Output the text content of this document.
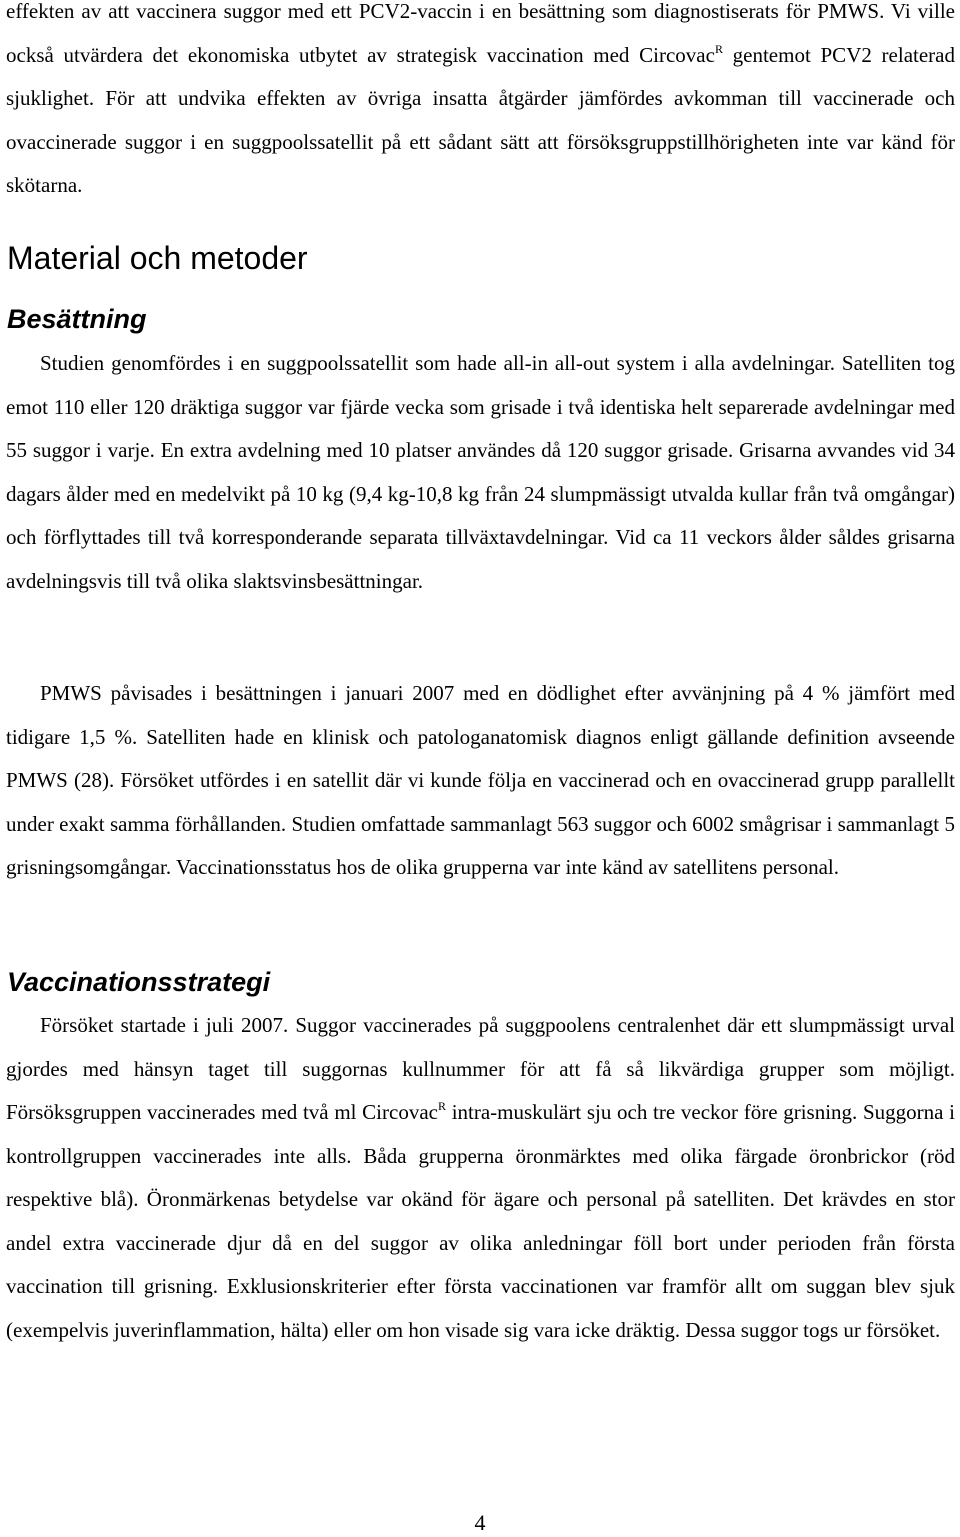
effekten av att vaccinera suggor med ett PCV2-vaccin i en besättning som diagnostiserats för PMWS. Vi ville också utvärdera det ekonomiska utbytet av strategisk vaccination med Circovac$^R$ gentemot PCV2 relaterad sjuklighet. För att undvika effekten av övriga insatta åtgärder jämfördes avkomman till vaccinerade och ovaccinerade suggor i en suggpoolssatellit på ett sådant sätt att försöksgruppstillhörigheten inte var känd för skötarna.

Material och metoder
Besättning

Studien genomfördes i en suggpoolssatellit som hade all-in all-out system i alla avdelningar. Satelliten tog emot 110 eller 120 dräktiga suggor var fjärde vecka som grisade i två identiska helt separerade avdelningar med 55 suggor i varje. En extra avdelning med 10 platser användes då 120 suggor grisade. Grisarna avvandes vid 34 dagars ålder med en medelvikt på 10 kg (9,4 kg-10,8 kg från 24 slumpmässigt utvalda kullar från två omgångar) och förflyttades till två korresponderande separata tillväxtavdelningar. Vid ca 11 veckors ålder såldes grisarna avdelningsvis till två olika slaktsvinsbesättningar.

PMWS påvisades i besättningen i januari 2007 med en dödlighet efter avvänjning på 4 % jämfört med tidigare 1,5 %. Satelliten hade en klinisk och patologanatomisk diagnos enligt gällande definition avseende PMWS (28). Försöket utfördes i en satellit där vi kunde följa en vaccinerad och en ovaccinerad grupp parallellt under exakt samma förhållanden. Studien omfattade sammanlagt 563 suggor och 6002 smågrisar i sammanlagt 5 grisningsomgångar. Vaccinationsstatus hos de olika grupperna var inte känd av satellitens personal.

Vaccinationsstrategi

Försöket startade i juli 2007. Suggor vaccinerades på suggpoolens centralenhet där ett slumpmässigt urval gjordes med hänsyn taget till suggornas kullnummer för att få så likvärdiga grupper som möjligt. Försöksgruppen vaccinerades med två ml Circovac$^R$ intra-muskulärt sju och tre veckor före grisning. Suggorna i kontrollgruppen vaccinerades inte alls. Båda grupperna öronmärktes med olika färgade öronbrickor (röd respektive blå). Öronmärkenas betydelse var okänd för ägare och personal på satelliten. Det krävdes en stor andel extra vaccinerade djur då en del suggor av olika anledningar föll bort under perioden från första vaccination till grisning. Exklusionskriterier efter första vaccinationen var framför allt om suggan blev sjuk (exempelvis juverinflammation, hälta) eller om hon visade sig vara icke dräktig. Dessa suggor togs ur försöket.

4
